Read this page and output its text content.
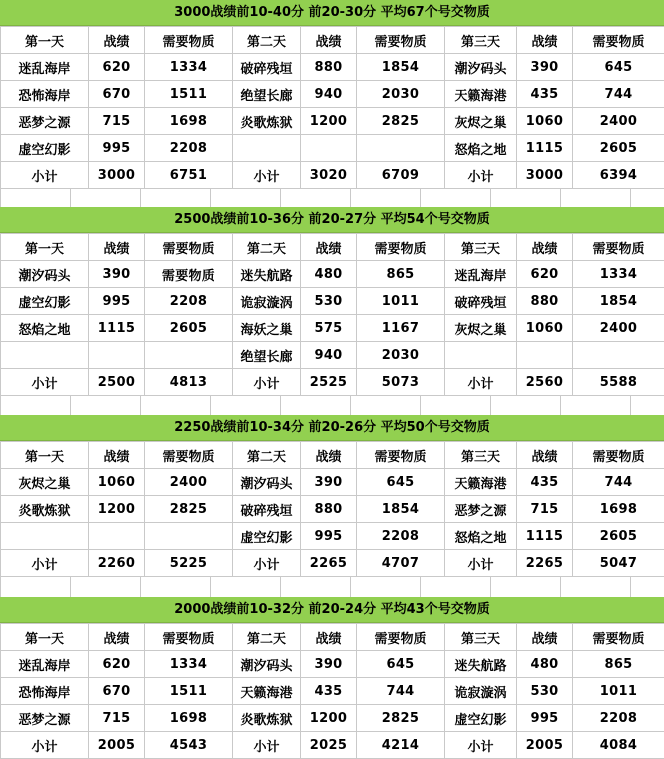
3000战绩前10-40分 前20-30分 平均67个号交物质
第一天	战绩	需要物质	第二天	战绩	需要物质	第三天	战绩	需要物质
迷乱海岸	620	1334	破碎残垣	880	1854	潮汐码头	390	645
恐怖海岸	670	1511	绝望长廊	940	2030	天籁海港	435	744
恶梦之源	715	1698	炎歌炼狱	1200	2825	灰烬之巢	1060	2400
虚空幻影	995	2208				怒焰之地	1115	2605
小计	3000	6751	小计	3020	6709	小计	3000	6394
2500战绩前10-36分 前20-27分 平均54个号交物质
第一天	战绩	需要物质	第二天	战绩	需要物质	第三天	战绩	需要物质
潮汐码头	390	需要物质	迷失航路	480	865	迷乱海岸	620	1334
虚空幻影	995	2208	诡寂漩涡	530	1011	破碎残垣	880	1854
怒焰之地	1115	2605	海妖之巢	575	1167	灰烬之巢	1060	2400
			绝望长廊	940	2030			
小计	2500	4813	小计	2525	5073	小计	2560	5588
2250战绩前10-34分 前20-26分 平均50个号交物质
第一天	战绩	需要物质	第二天	战绩	需要物质	第三天	战绩	需要物质
灰烬之巢	1060	2400	潮汐码头	390	645	天籁海港	435	744
炎歌炼狱	1200	2825	破碎残垣	880	1854	恶梦之源	715	1698
			虚空幻影	995	2208	怒焰之地	1115	2605
小计	2260	5225	小计	2265	4707	小计	2265	5047
2000战绩前10-32分 前20-24分 平均43个号交物质
第一天	战绩	需要物质	第二天	战绩	需要物质	第三天	战绩	需要物质
迷乱海岸	620	1334	潮汐码头	390	645	迷失航路	480	865
恐怖海岸	670	1511	天籁海港	435	744	诡寂漩涡	530	1011
恶梦之源	715	1698	炎歌炼狱	1200	2825	虚空幻影	995	2208
小计	2005	4543	小计	2025	4214	小计	2005	4084
